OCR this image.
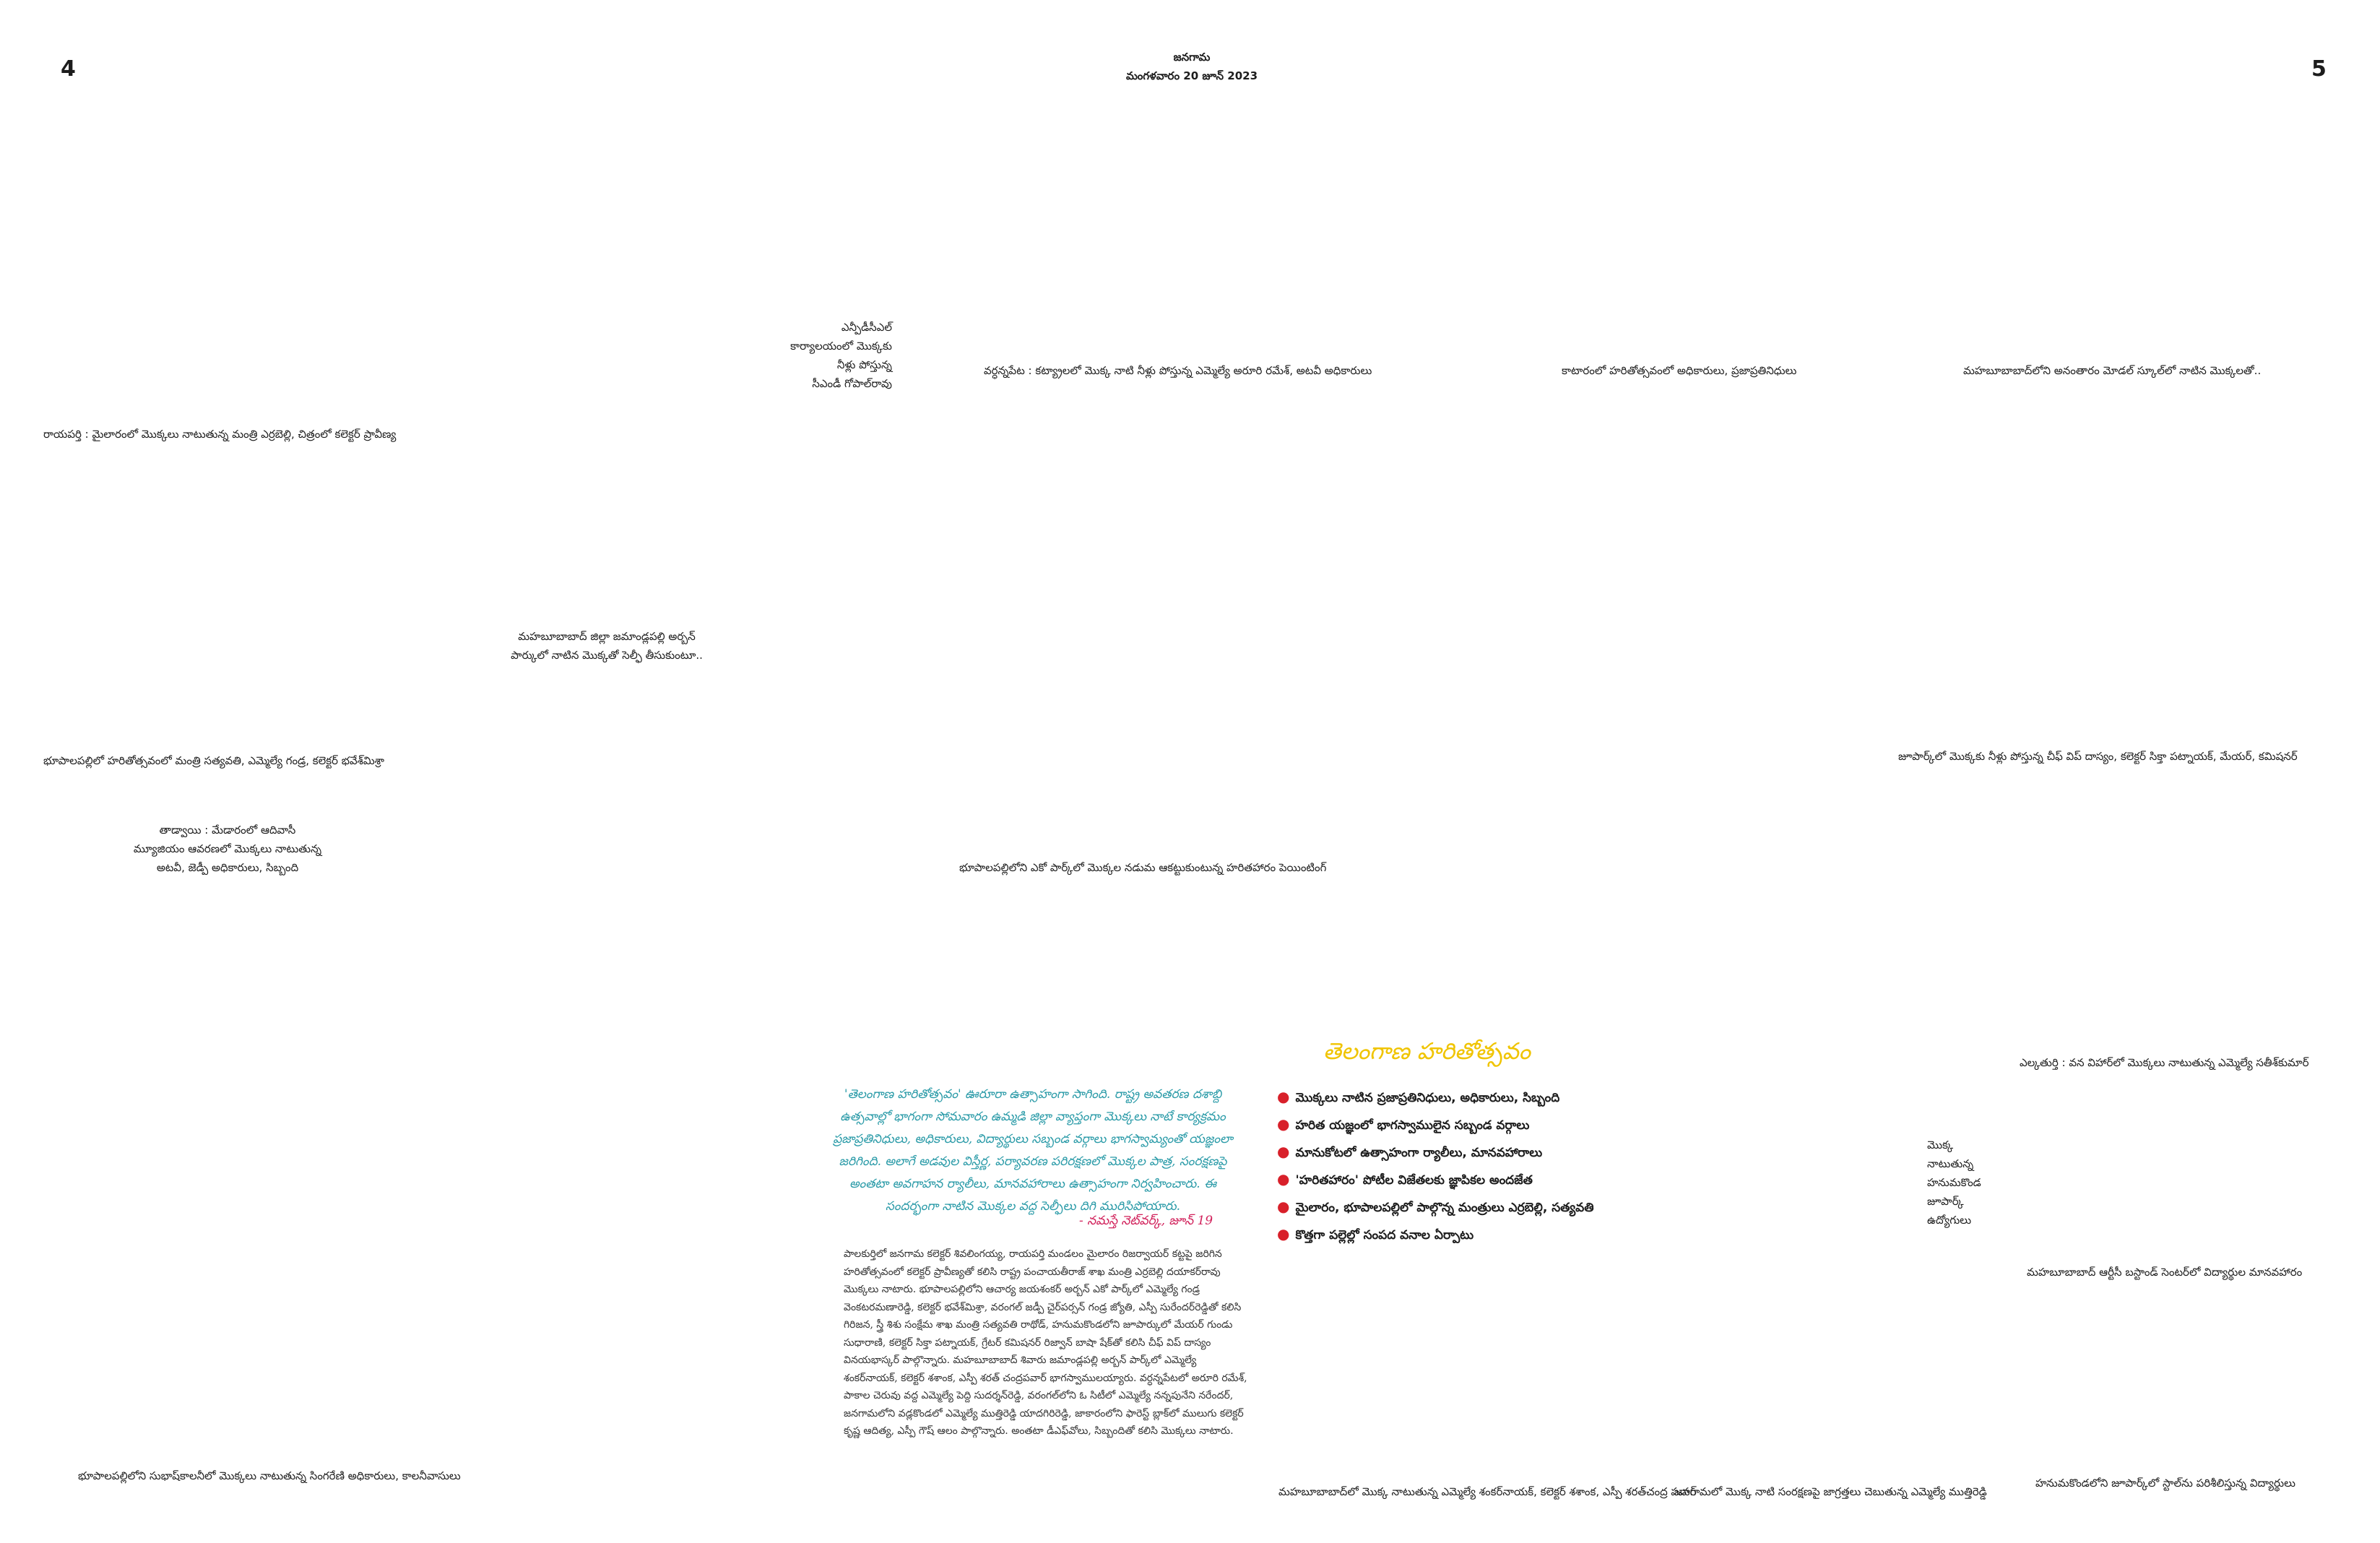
4	5
జనగామ
మంగళవారం 20 జూన్ 2023
రాయపర్తి : మైలారంలో మొక్కలు నాటుతున్న మంత్రి ఎర్రబెల్లి, చిత్రంలో కలెక్టర్ ప్రావీణ్య
ఎన్పీడీసీఎల్
కార్యాలయంలో మొక్కకు
నీళ్లు పోస్తున్న
సీఎండీ గోపాల్‌రావు
వర్ధన్నపేట : కట్య్రాలలో మొక్క నాటి నీళ్లు పోస్తున్న ఎమ్మెల్యే అరూరి రమేశ్, అటవీ అధికారులు	కాటారంలో హరితోత్సవంలో అధికారులు, ప్రజాప్రతినిధులు	మహబూబాబాద్‌లోని అనంతారం మోడల్ స్కూల్‌లో నాటిన మొక్కలతో..
మహబూబాబాద్ జిల్లా జమాండ్లపల్లి అర్బన్
పార్కులో నాటిన మొక్కతో సెల్ఫీ తీసుకుంటూ..
భూపాలపల్లిలో హరితోత్సవంలో మంత్రి సత్యవతి, ఎమ్మెల్యే గండ్ర, కలెక్టర్ భవేశ్‌మిశ్రా	జూపార్క్‌లో మొక్కకు నీళ్లు పోస్తున్న చీఫ్ విప్ దాస్యం, కలెక్టర్ సిక్తా పట్నాయక్, మేయర్, కమిషనర్
తాడ్వాయి : మేడారంలో ఆదివాసీ
మ్యూజియం ఆవరణలో మొక్కలు నాటుతున్న
అటవీ, జెడ్పీ అధికారులు, సిబ్బంది	భూపాలపల్లిలోని ఎకో పార్క్‌లో మొక్కల నడుమ ఆకట్టుకుంటున్న హరితహారం పెయింటింగ్
ఎల్కతుర్తి : వన విహార్‌లో మొక్కలు నాటుతున్న ఎమ్మెల్యే సతీశ్‌కుమార్
మొక్క
నాటుతున్న
హనుమకొండ
జూపార్క్
ఉద్యోగులు
మహబూబాబాద్ ఆర్టీసీ బస్టాండ్ సెంటర్‌లో విద్యార్థుల మానవహారం
భూపాలపల్లిలోని సుభాష్‌కాలనీలో మొక్కలు నాటుతున్న సింగరేణి అధికారులు, కాలనీవాసులు
మహబూబాబాద్‌లో మొక్క నాటుతున్న ఎమ్మెల్యే శంకర్‌నాయక్, కలెక్టర్ శశాంక, ఎస్పీ శరత్‌చంద్ర పవార్
జనగామలో మొక్క నాటి సంరక్షణపై జాగ్రత్తలు చెబుతున్న ఎమ్మెల్యే ముత్తిరెడ్డి
హనుమకొండలోని జూపార్క్‌లో స్టాల్‌ను పరిశీలిస్తున్న విద్యార్థులు
తెలంగాణ హరితోత్సవం
'తెలంగాణ హరితోత్సవం' ఊరూరా ఉత్సాహంగా సాగింది. రాష్ట్ర అవతరణ దశాబ్ది ఉత్సవాల్లో భాగంగా సోమవారం ఉమ్మడి జిల్లా వ్యాప్తంగా మొక్కలు నాటే కార్యక్రమం ప్రజాప్రతినిధులు, అధికారులు, విద్యార్థులు సబ్బండ వర్గాలు భాగస్వామ్యంతో యజ్ఞంలా జరిగింది. అలాగే అడవుల విస్తీర్ణ, పర్యావరణ పరిరక్షణలో మొక్కల పాత్ర, సంరక్షణపై అంతటా అవగాహన ర్యాలీలు, మానవహారాలు ఉత్సాహంగా నిర్వహించారు. ఈ సందర్భంగా నాటిన మొక్కల వద్ద సెల్ఫీలు దిగి మురిసిపోయారు.
- నమస్తే నెట్‌వర్క్, జూన్ 19
● మొక్కలు నాటిన ప్రజాప్రతినిధులు, అధికారులు, సిబ్బంది
● హరిత యజ్ఞంలో భాగస్వాములైన సబ్బండ వర్గాలు
● మానుకోటలో ఉత్సాహంగా ర్యాలీలు, మానవహారాలు
● 'హరితహారం' పోటీల విజేతలకు జ్ఞాపికల అందజేత
● మైలారం, భూపాలపల్లిలో పాల్గొన్న మంత్రులు ఎర్రబెల్లి, సత్యవతి
● కొత్తగా పల్లెల్లో సంపద వనాల ఏర్పాటు
పాలకుర్తిలో జనగామ కలెక్టర్ శివలింగయ్య, రాయపర్తి మండలం మైలారం రిజర్వాయర్ కట్టపై జరిగిన హరితోత్సవంలో కలెక్టర్ ప్రావీణ్యతో కలిసి రాష్ట్ర పంచాయతీరాజ్ శాఖ మంత్రి ఎర్రబెల్లి దయాకర్‌రావు మొక్కలు నాటారు. భూపాలపల్లిలోని ఆచార్య జయశంకర్ అర్బన్ ఎకో పార్క్‌లో ఎమ్మెల్యే గండ్ర వెంకటరమణారెడ్డి, కలెక్టర్ భవేశ్‌మిశ్రా, వరంగల్ జడ్పీ చైర్‌పర్సన్ గండ్ర జ్యోతి, ఎస్పీ సురేందర్‌రెడ్డితో కలిసి గిరిజన, స్త్రీ శిశు సంక్షేమ శాఖ మంత్రి సత్యవతి రాథోడ్, హనుమకొండలోని జూపార్కులో మేయర్ గుండు సుధారాణి, కలెక్టర్ సిక్తా పట్నాయక్, గ్రేటర్ కమిషనర్ రిజ్వాన్ బాషా షేక్‌తో కలిసి చీఫ్ విప్ దాస్యం వినయభాస్కర్ పాల్గొన్నారు. మహబూబాబాద్ శివారు జమాండ్లపల్లి అర్బన్ పార్క్‌లో ఎమ్మెల్యే శంకర్‌నాయక్, కలెక్టర్ శశాంక, ఎస్పీ శరత్ చంద్రపవార్ భాగస్వాములయ్యారు. వర్ధన్నపేటలో అరూరి రమేశ్, పాకాల చెరువు వద్ద ఎమ్మెల్యే పెద్ది సుదర్శన్‌రెడ్డి, వరంగల్‌లోని ఓ సిటీలో ఎమ్మెల్యే నన్నపునేని నరేందర్, జనగామలోని వడ్లకొండలో ఎమ్మెల్యే ముత్తిరెడ్డి యాదగిరిరెడ్డి, జాకారంలోని ఫారెస్ట్ బ్లాక్‌లో ములుగు కలెక్టర్ కృష్ణ ఆదిత్య, ఎస్పీ గౌష్ ఆలం పాల్గొన్నారు. అంతటా డీఎఫ్‌వోలు, సిబ్బందితో కలిసి మొక్కలు నాటారు.
